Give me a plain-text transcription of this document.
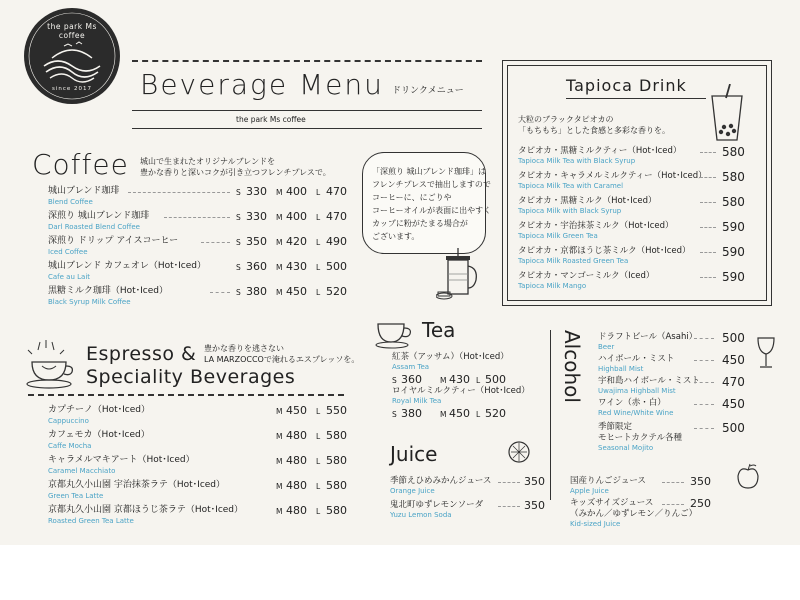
the park Ms coffee
since 2017	Beverage Menu ドリンクメニュー
the park Ms coffee
Coffee 城山で生まれたオリジナルブレンドを
豊かな香りと深いコクが引き立つフレンチプレスで。
Espresso &
Speciality Beverages
豊かな香りを逃さない
LA MARZOCCOで淹れるエスプレッソを。
Tapioca Drink
大粒のブラックタピオカの
「もちもち」とした食感と多彩な香りを。
Tea
Juice
Alcohol
城山ブレンド珈琲
Blend Coffee
S 330 M 400 L 470
深煎り 城山ブレンド珈琲
Darl Roasted Blend Coffee
S 330 M 400 L 470
深煎り ドリップ アイスコーヒー
Iced Coffee
S 350 M 420 L 490
城山ブレンド カフェオレ（Hot･Iced）
Cafe au Lait
S 360 M 430 L 500
黒糖ミルク珈琲（Hot･Iced）
Black Syrup Milk Coffee
S 380 M 450 L 520
「深煎り 城山ブレンド珈琲」は
フレンチプレスで抽出しますので
コーヒーに、にごりや
コーヒーオイルが表面に出やすく
カップに粉がたまる場合が
ございます。
カプチーノ（Hot･Iced）
Cappuccino
M 450 L 550
カフェモカ（Hot･Iced）
Caffe Mocha
M 480 L 580
キャラメルマキアート（Hot･Iced）
Caramel Macchiato
M 480 L 580
京都丸久小山園 宇治抹茶ラテ（Hot･Iced）
Green Tea Latte
M 480 L 580
京都丸久小山園 京都ほうじ茶ラテ（Hot･Iced）
Roasted Green Tea Latte
M 480 L 580
タピオカ・黒糖ミルクティー（Hot･Iced）
Tapioca Milk Tea with Black Syrup
580
タピオカ・キャラメルミルクティー（Hot･Iced）
Tapioca Milk Tea with Caramel
580
タピオカ・黒糖ミルク（Hot･Iced）
Tapioca Milk with Black Syrup
580
タピオカ・宇治抹茶ミルク（Hot･Iced）
Tapioca Milk Green Tea
590
タピオカ・京都ほうじ茶ミルク（Hot･Iced）
Tapioca Milk Roasted Green Tea
590
タピオカ・マンゴーミルク（Iced）
Tapioca Milk Mango
590
紅茶（アッサム）（Hot･Iced）
Assam Tea
S 360 M 430 L 500
ロイヤルミルクティー（Hot･Iced）
Royal Milk Tea
S 380 M 450 L 520
季節えひめみかんジュース
Orange Juice
350
鬼北町ゆずレモンソーダ
Yuzu Lemon Soda
350
国産りんごジュース
Apple Juice
350
キッズサイズジュース
（みかん／ゆずレモン／りんご）
Kid-sized Juice
250
ドラフトビール（Asahi）
Beer
500
ハイボール・ミスト
Highball Mist
450
宇和島ハイボール・ミスト
Uwajima Highball Mist
470
ワイン（赤・白）
Red Wine/White Wine
450
季節限定
モヒートカクテル各種
Seasonal Mojito
500
